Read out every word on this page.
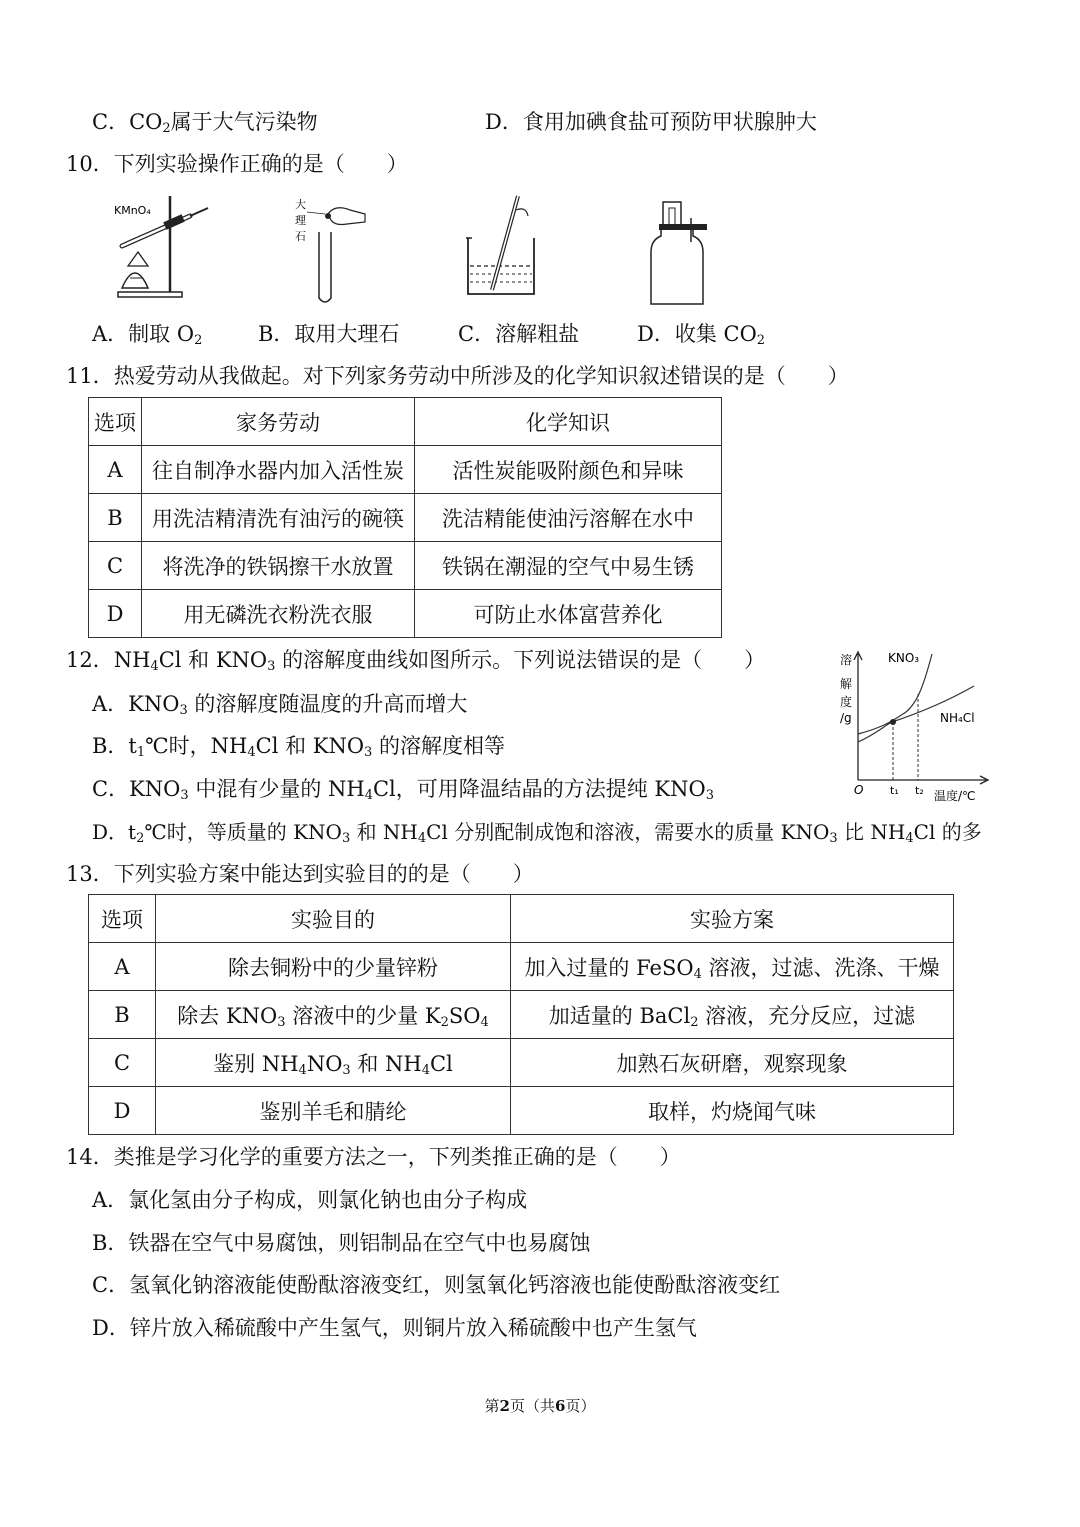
C．$CO_2$属于大气污染物	D．食用加碘食盐可预防甲状腺肿大
10．下列实验操作正确的是（　　）
KMnO₄	大
理
石
A．制取 $O_2$	B．取用大理石	C．溶解粗盐	D．收集 $CO_2$
11．热爱劳动从我做起。对下列家务劳动中所涉及的化学知识叙述错误的是（　　）
选项	家务劳动	化学知识
A	往自制净水器内加入活性炭	活性炭能吸附颜色和异味
B	用洗洁精清洗有油污的碗筷	洗洁精能使油污溶解在水中
C	将洗净的铁锅擦干水放置	铁锅在潮湿的空气中易生锈
D	用无磷洗衣粉洗衣服	可防止水体富营养化
12．$NH_4Cl$ 和 $KNO_3$ 的溶解度曲线如图所示。下列说法错误的是（　　）
A．$KNO_3$ 的溶解度随温度的升高而增大
B．$t_1℃$时，$NH_4Cl$ 和 $KNO_3$ 的溶解度相等
C．$KNO_3$ 中混有少量的 $NH_4Cl$，可用降温结晶的方法提纯 $KNO_3$
D．$t_2℃$时，等质量的 $KNO_3$ 和 $NH_4Cl$ 分别配制成饱和溶液，需要水的质量 $KNO_3$ 比 $NH_4Cl$ 的多
溶
解
度
/g
KNO₃
NH₄Cl
O t₁ t₂ 温度/℃
13．下列实验方案中能达到实验目的的是（　　）
选项	实验目的	实验方案
A	除去铜粉中的少量锌粉	加入过量的 FeSO$_4$ 溶液，过滤、洗涤、干燥
B	除去 $KNO_3$ 溶液中的少量 $K_2SO_4$	加适量的 BaCl$_2$ 溶液，充分反应，过滤
C	鉴别 $NH_4NO_3$ 和 $NH_4Cl$	加熟石灰研磨，观察现象
D	鉴别羊毛和腈纶	取样，灼烧闻气味
14．类推是学习化学的重要方法之一，下列类推正确的是（　　）
A．氯化氢由分子构成，则氯化钠也由分子构成
B．铁器在空气中易腐蚀，则铝制品在空气中也易腐蚀
C．氢氧化钠溶液能使酚酞溶液变红，则氢氧化钙溶液也能使酚酞溶液变红
D．锌片放入稀硫酸中产生氢气，则铜片放入稀硫酸中也产生氢气
第2页（共6页）
